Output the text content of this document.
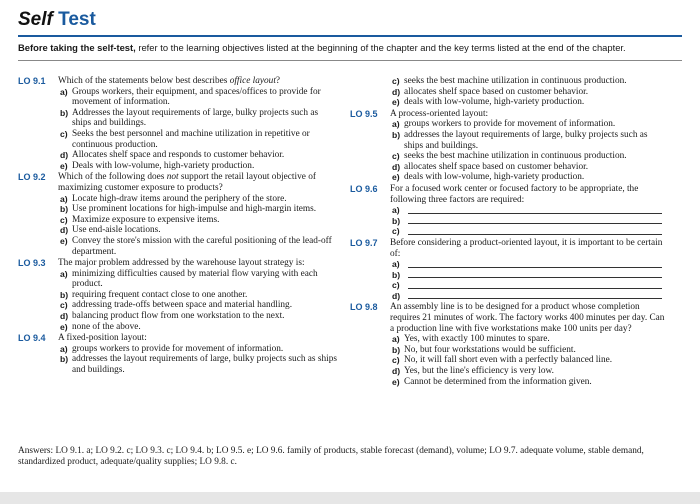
Self Test
Before taking the self-test, refer to the learning objectives listed at the beginning of the chapter and the key terms listed at the end of the chapter.
LO 9.1 Which of the statements below best describes office layout?
a) Groups workers, their equipment, and spaces/offices to provide for movement of information.
b) Addresses the layout requirements of large, bulky projects such as ships and buildings.
c) Seeks the best personnel and machine utilization in repetitive or continuous production.
d) Allocates shelf space and responds to customer behavior.
e) Deals with low-volume, high-variety production.
LO 9.2 Which of the following does not support the retail layout objective of maximizing customer exposure to products?
a) Locate high-draw items around the periphery of the store.
b) Use prominent locations for high-impulse and high-margin items.
c) Maximize exposure to expensive items.
d) Use end-aisle locations.
e) Convey the store's mission with the careful positioning of the lead-off department.
LO 9.3 The major problem addressed by the warehouse layout strategy is:
a) minimizing difficulties caused by material flow varying with each product.
b) requiring frequent contact close to one another.
c) addressing trade-offs between space and material handling.
d) balancing product flow from one workstation to the next.
e) none of the above.
LO 9.4 A fixed-position layout:
a) groups workers to provide for movement of information.
b) addresses the layout requirements of large, bulky projects such as ships and buildings.
c) seeks the best machine utilization in continuous production.
d) allocates shelf space based on customer behavior.
e) deals with low-volume, high-variety production.
LO 9.5 A process-oriented layout:
a) groups workers to provide for movement of information.
b) addresses the layout requirements of large, bulky projects such as ships and buildings.
c) seeks the best machine utilization in continuous production.
d) allocates shelf space based on customer behavior.
e) deals with low-volume, high-variety production.
LO 9.6 For a focused work center or focused factory to be appropriate, the following three factors are required:
a)
b)
c)
LO 9.7 Before considering a product-oriented layout, it is important to be certain of:
a)
b)
c)
d)
LO 9.8 An assembly line is to be designed for a product whose completion requires 21 minutes of work. The factory works 400 minutes per day. Can a production line with five workstations make 100 units per day?
a) Yes, with exactly 100 minutes to spare.
b) No, but four workstations would be sufficient.
c) No, it will fall short even with a perfectly balanced line.
d) Yes, but the line's efficiency is very low.
e) Cannot be determined from the information given.
Answers: LO 9.1. a; LO 9.2. c; LO 9.3. c; LO 9.4. b; LO 9.5. e; LO 9.6. family of products, stable forecast (demand), volume; LO 9.7. adequate volume, stable demand, standardized product, adequate/quality supplies; LO 9.8. c.
